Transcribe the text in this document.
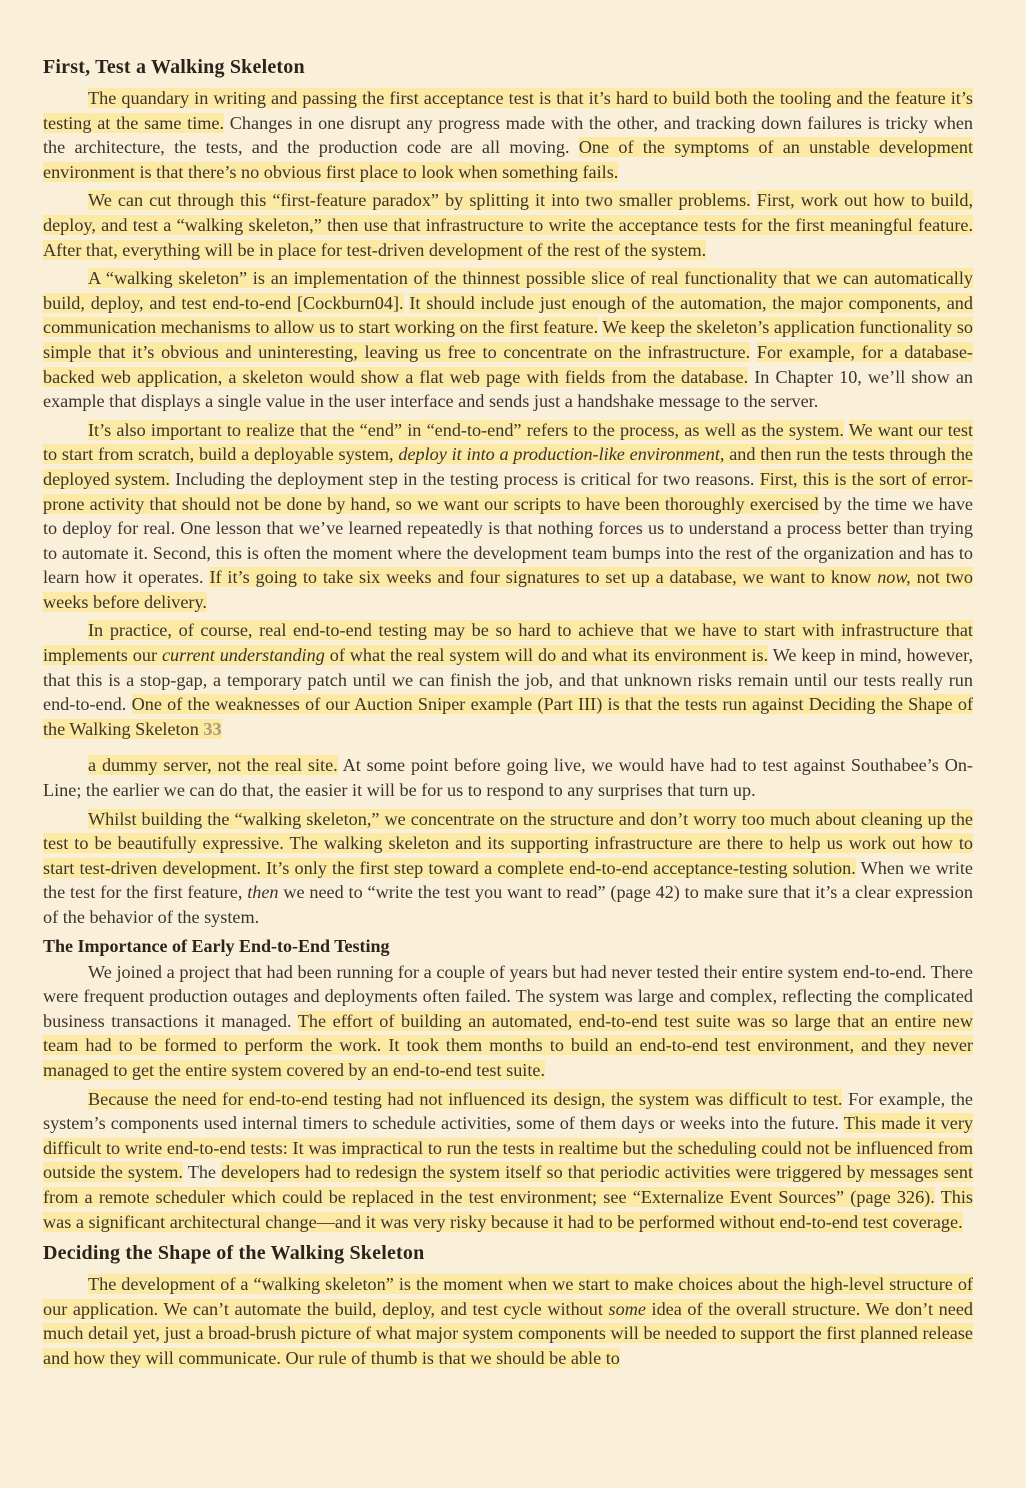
First, Test a Walking Skeleton

The quandary in writing and passing the first acceptance test is that it’s hard to build both the tooling and the feature it’s testing at the same time. Changes in one disrupt any progress made with the other, and tracking down failures is tricky when the architecture, the tests, and the production code are all moving. One of the symptoms of an unstable development environment is that there’s no obvious first place to look when something fails.

We can cut through this “first-feature paradox” by splitting it into two smaller problems. First, work out how to build, deploy, and test a “walking skeleton,” then use that infrastructure to write the acceptance tests for the first meaningful feature. After that, everything will be in place for test-driven development of the rest of the system.

A “walking skeleton” is an implementation of the thinnest possible slice of real functionality that we can automatically build, deploy, and test end-to-end [Cockburn04]. It should include just enough of the automation, the major components, and communication mechanisms to allow us to start working on the first feature. We keep the skeleton’s application functionality so simple that it’s obvious and uninteresting, leaving us free to concentrate on the infrastructure. For example, for a database-backed web application, a skeleton would show a flat web page with fields from the database. In Chapter 10, we’ll show an example that displays a single value in the user interface and sends just a handshake message to the server.

It’s also important to realize that the “end” in “end-to-end” refers to the process, as well as the system. We want our test to start from scratch, build a deployable system, deploy it into a production-like environment, and then run the tests through the deployed system. Including the deployment step in the testing process is critical for two reasons. First, this is the sort of error-prone activity that should not be done by hand, so we want our scripts to have been thoroughly exercised by the time we have to deploy for real. One lesson that we’ve learned repeatedly is that nothing forces us to understand a process better than trying to automate it. Second, this is often the moment where the development team bumps into the rest of the organization and has to learn how it operates. If it’s going to take six weeks and four signatures to set up a database, we want to know now, not two weeks before delivery.

In practice, of course, real end-to-end testing may be so hard to achieve that we have to start with infrastructure that implements our current understanding of what the real system will do and what its environment is. We keep in mind, however, that this is a stop-gap, a temporary patch until we can finish the job, and that unknown risks remain until our tests really run end-to-end. One of the weaknesses of our Auction Sniper example (Part III) is that the tests run against Deciding the Shape of the Walking Skeleton 33

a dummy server, not the real site. At some point before going live, we would have had to test against Southabee’s On-Line; the earlier we can do that, the easier it will be for us to respond to any surprises that turn up.

Whilst building the “walking skeleton,” we concentrate on the structure and don’t worry too much about cleaning up the test to be beautifully expressive. The walking skeleton and its supporting infrastructure are there to help us work out how to start test-driven development. It’s only the first step toward a complete end-to-end acceptance-testing solution. When we write the test for the first feature, then we need to “write the test you want to read” (page 42) to make sure that it’s a clear expression of the behavior of the system.

The Importance of Early End-to-End Testing

We joined a project that had been running for a couple of years but had never tested their entire system end-to-end. There were frequent production outages and deployments often failed. The system was large and complex, reflecting the complicated business transactions it managed. The effort of building an automated, end-to-end test suite was so large that an entire new team had to be formed to perform the work. It took them months to build an end-to-end test environment, and they never managed to get the entire system covered by an end-to-end test suite.

Because the need for end-to-end testing had not influenced its design, the system was difficult to test. For example, the system’s components used internal timers to schedule activities, some of them days or weeks into the future. This made it very difficult to write end-to-end tests: It was impractical to run the tests in realtime but the scheduling could not be influenced from outside the system. The developers had to redesign the system itself so that periodic activities were triggered by messages sent from a remote scheduler which could be replaced in the test environment; see “Externalize Event Sources” (page 326). This was a significant architectural change—and it was very risky because it had to be performed without end-to-end test coverage.

Deciding the Shape of the Walking Skeleton

The development of a “walking skeleton” is the moment when we start to make choices about the high-level structure of our application. We can’t automate the build, deploy, and test cycle without some idea of the overall structure. We don’t need much detail yet, just a broad-brush picture of what major system components will be needed to support the first planned release and how they will communicate. Our rule of thumb is that we should be able to
